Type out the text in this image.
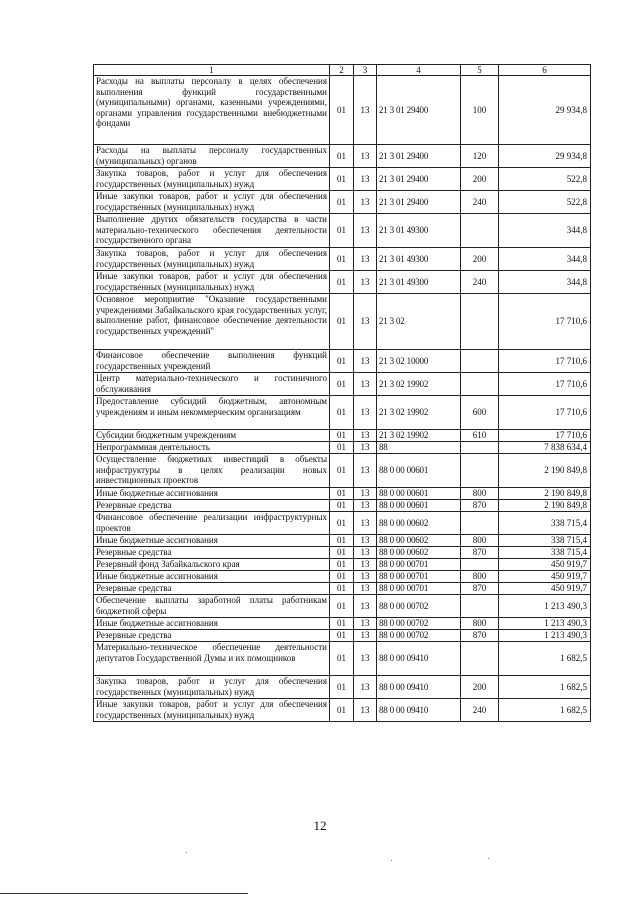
1	2	3	4	5	6
Расходы на выплаты персоналу в целях обеспечения выполнения функций государственными (муниципальными) органами, казенными учреждениями, органами управления государственными внебюджетными фондами	01	13	21 3 01 29400	100	29 934,8
Расходы на выплаты персоналу государственных (муниципальных) органов	01	13	21 3 01 29400	120	29 934,8
Закупка товаров, работ и услуг для обеспечения государственных (муниципальных) нужд	01	13	21 3 01 29400	200	522,8
Иные закупки товаров, работ и услуг для обеспечения государственных (муниципальных) нужд	01	13	21 3 01 29400	240	522,8
Выполнение других обязательств государства в части материально-технического обеспечения деятельности государственного органа	01	13	21 3 01 49300		344,8
Закупка товаров, работ и услуг для обеспечения государственных (муниципальных) нужд	01	13	21 3 01 49300	200	344,8
Иные закупки товаров, работ и услуг для обеспечения государственных (муниципальных) нужд	01	13	21 3 01 49300	240	344,8
Основное мероприятие "Оказание государственными учреждениями Забайкальского края государственных услуг, выполнение работ, финансовое обеспечение деятельности государственных учреждений"	01	13	21 3 02		17 710,6
Финансовое обеспечение выполнения функций государственных учреждений	01	13	21 3 02 10000		17 710,6
Центр материально-технического и гостиничного обслуживания	01	13	21 3 02 19902		17 710,6
Предоставление субсидий бюджетным, автономным учреждениям и иным некоммерческим организациям	01	13	21 3 02 19902	600	17 710,6
Субсидии бюджетным учреждениям	01	13	21 3 02 19902	610	17 710,6
Непрограммная деятельность	01	13	88		7 838 634,4
Осуществление бюджетных инвестиций в объекты инфраструктуры в целях реализации новых инвестиционных проектов	01	13	88 0 00 00601		2 190 849,8
Иные бюджетные ассигнования	01	13	88 0 00 00601	800	2 190 849,8
Резервные средства	01	13	88 0 00 00601	870	2 190 849,8
Финансовое обеспечение реализации инфраструктурных проектов	01	13	88 0 00 00602		338 715,4
Иные бюджетные ассигнования	01	13	88 0 00 00602	800	338 715,4
Резервные средства	01	13	88 0 00 00602	870	338 715,4
Резервный фонд Забайкальского края	01	13	88 0 00 00701		450 919,7
Иные бюджетные ассигнования	01	13	88 0 00 00701	800	450 919,7
Резервные средства	01	13	88 0 00 00701	870	450 919,7
Обеспечение выплаты заработной платы работникам бюджетной сферы	01	13	88 0 00 00702		1 213 490,3
Иные бюджетные ассигнования	01	13	88 0 00 00702	800	1 213 490,3
Резервные средства	01	13	88 0 00 00702	870	1 213 490,3
Материально-техническое обеспечение деятельности депутатов Государственной Думы и их помощников	01	13	88 0 00 09410		1 682,5
Закупка товаров, работ и услуг для обеспечения государственных (муниципальных) нужд	01	13	88 0 00 09410	200	1 682,5
Иные закупки товаров, работ и услуг для обеспечения государственных (муниципальных) нужд	01	13	88 0 00 09410	240	1 682,5
12
